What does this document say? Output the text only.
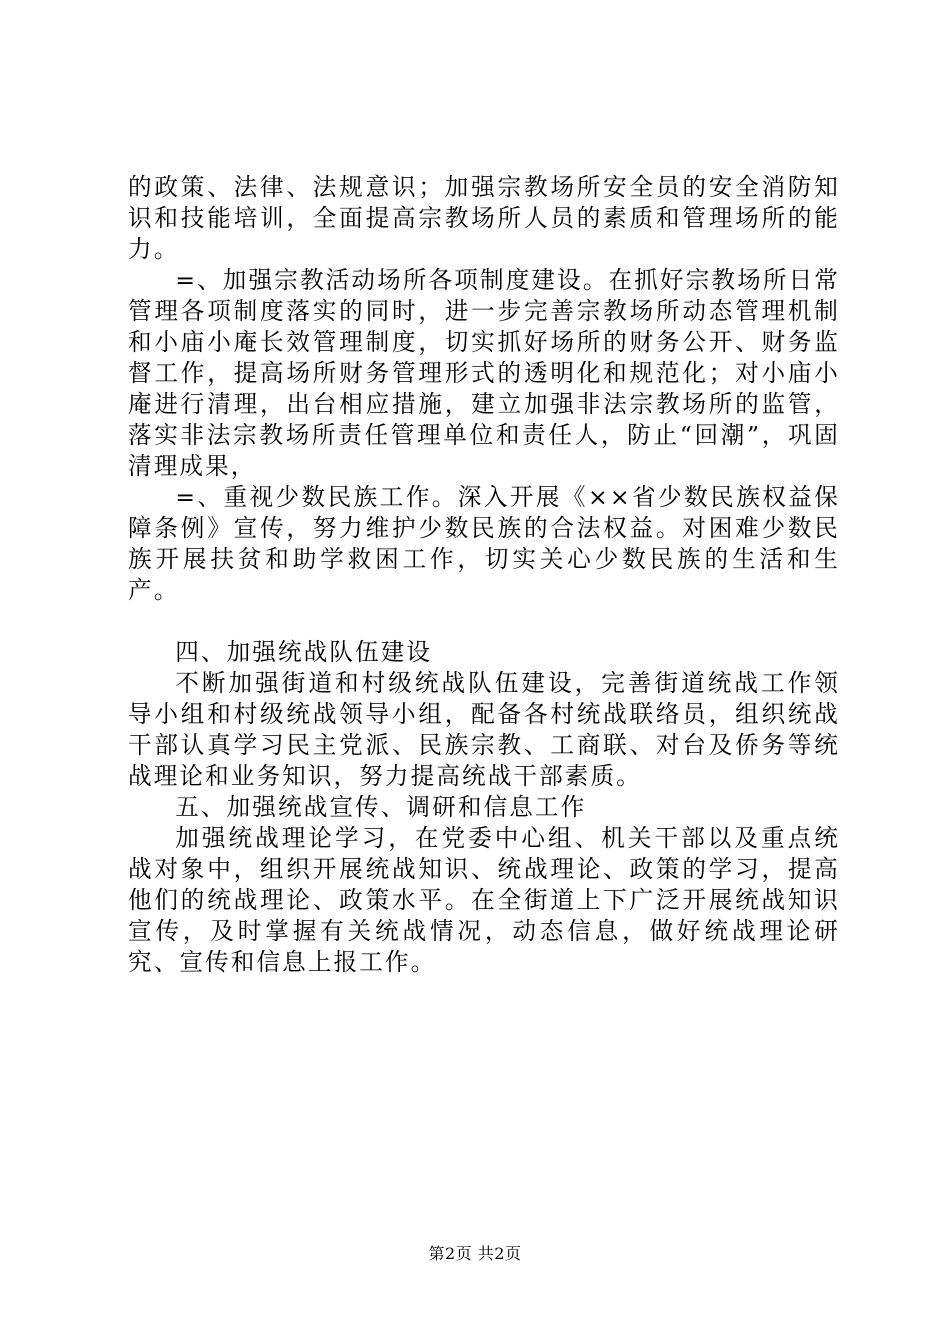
的政策、法律、法规意识；加强宗教场所安全员的安全消防知识和技能培训，全面提高宗教场所人员的素质和管理场所的能力。

=、加强宗教活动场所各项制度建设。在抓好宗教场所日常管理各项制度落实的同时，进一步完善宗教场所动态管理机制和小庙小庵长效管理制度，切实抓好场所的财务公开、财务监督工作，提高场所财务管理形式的透明化和规范化；对小庙小庵进行清理，出台相应措施，建立加强非法宗教场所的监管，落实非法宗教场所责任管理单位和责任人，防止“回潮”，巩固清理成果，

=、重视少数民族工作。深入开展《××省少数民族权益保障条例》宣传，努力维护少数民族的合法权益。对困难少数民族开展扶贫和助学救困工作，切实关心少数民族的生活和生产。

四、加强统战队伍建设

不断加强街道和村级统战队伍建设，完善街道统战工作领导小组和村级统战领导小组，配备各村统战联络员，组织统战干部认真学习民主党派、民族宗教、工商联、对台及侨务等统战理论和业务知识，努力提高统战干部素质。

五、加强统战宣传、调研和信息工作

加强统战理论学习，在党委中心组、机关干部以及重点统战对象中，组织开展统战知识、统战理论、政策的学习，提高他们的统战理论、政策水平。在全街道上下广泛开展统战知识宣传，及时掌握有关统战情况，动态信息，做好统战理论研究、宣传和信息上报工作。

第2页 共2页
